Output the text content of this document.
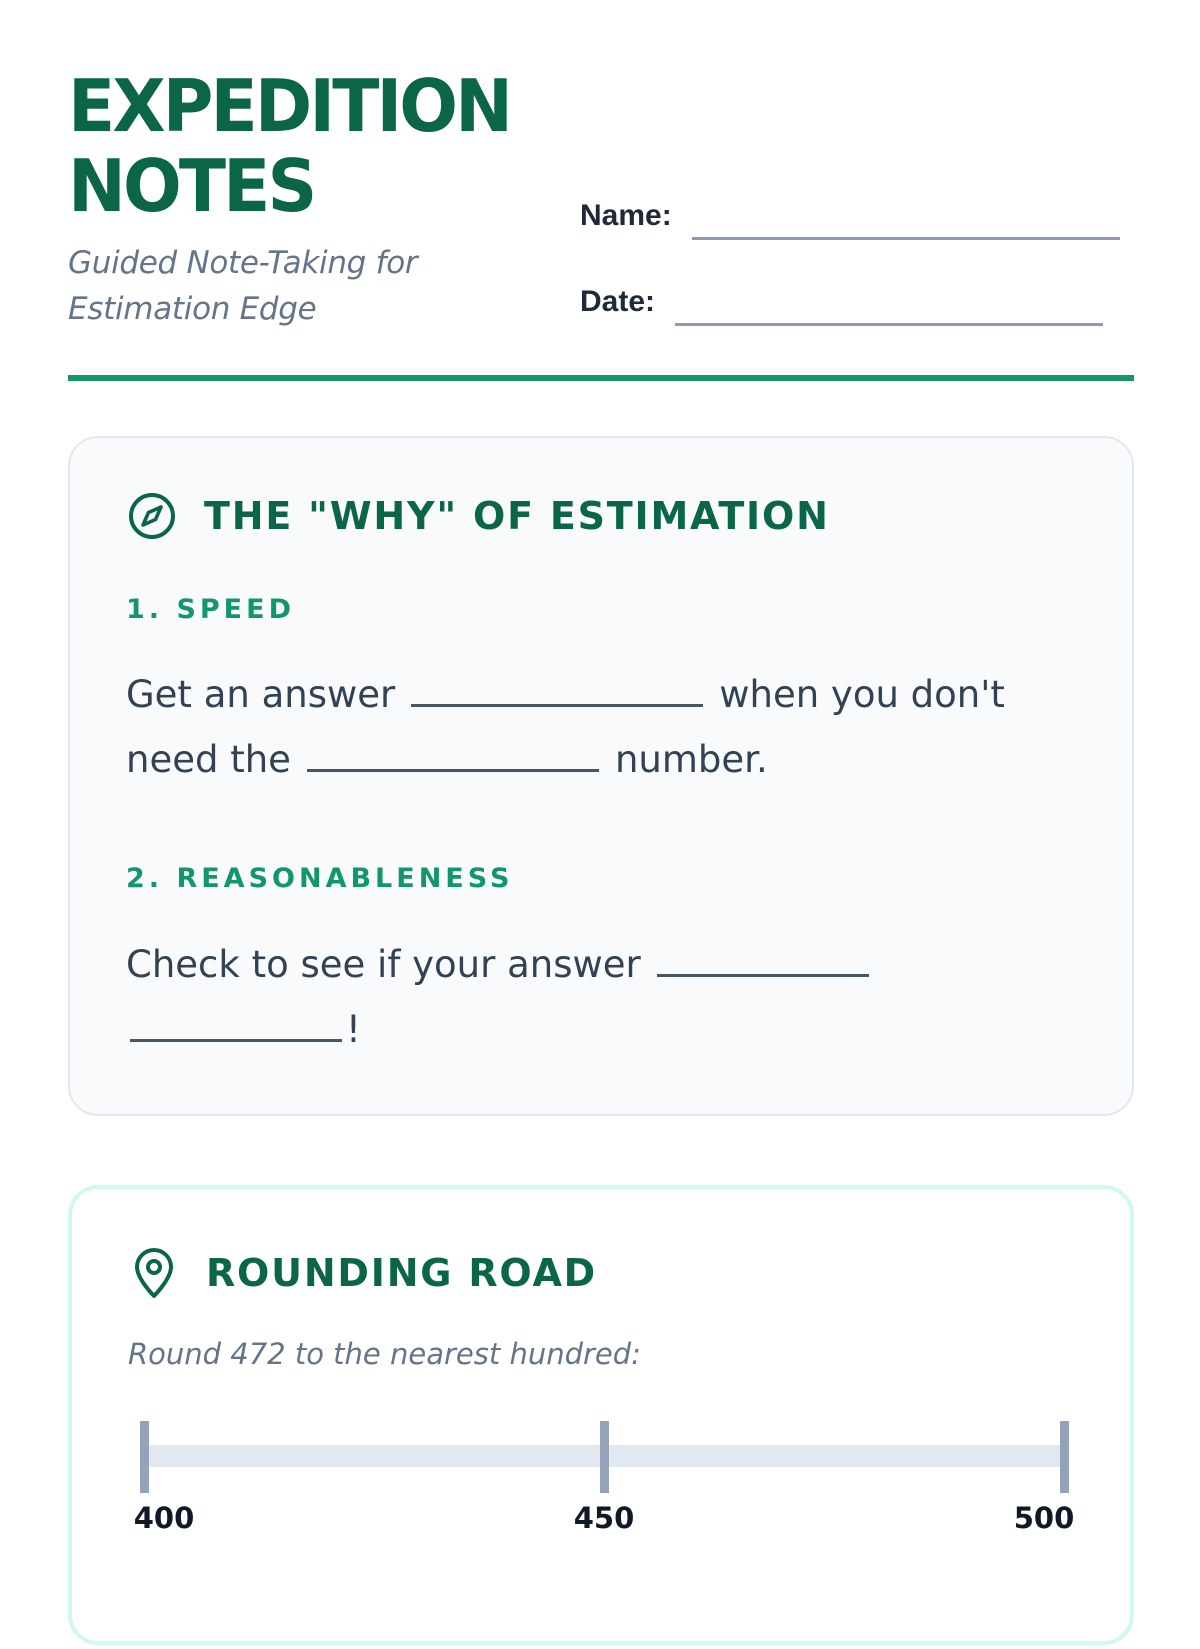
EXPEDITION
NOTES

Guided Note-Taking for Estimation Edge

Name:
Date:
THE "WHY" OF ESTIMATION
1. SPEED

Get an answer	when you don't need the	number.

2. REASONABLENESS

Check to see if your answer
!

ROUNDING ROAD

Round 472 to the nearest hundred:

400	450	500
